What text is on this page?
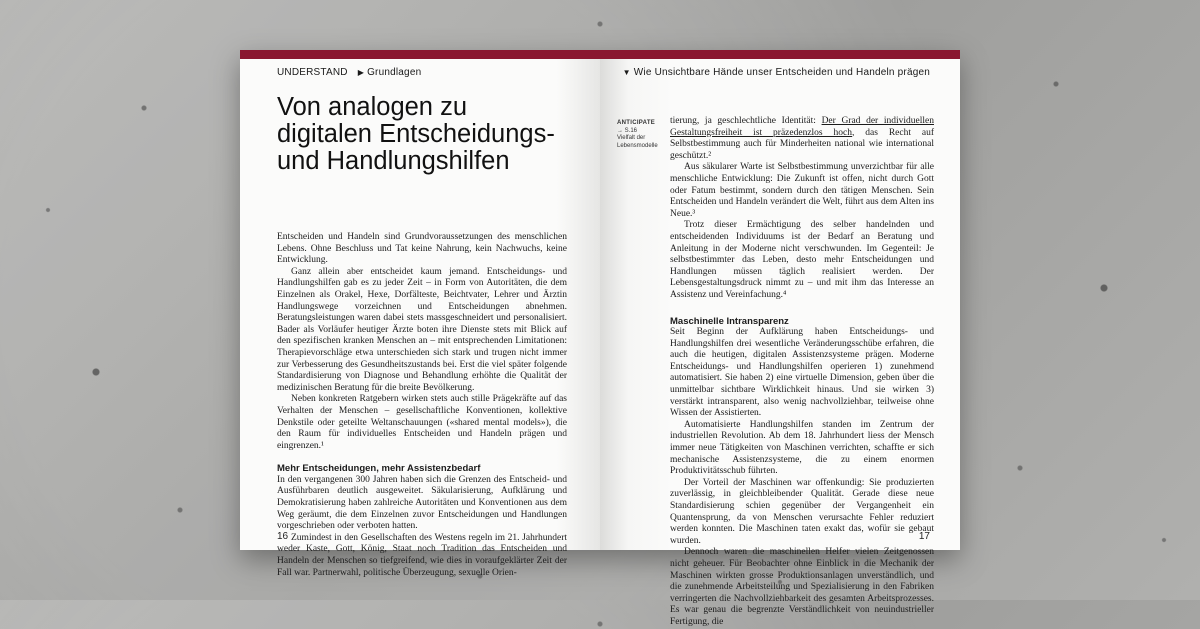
UNDERSTAND ▶ Grundlagen
Von analogen zu
digitalen Entscheidungs-
und Handlungshilfen

Entscheiden und Handeln sind Grundvoraussetzungen des menschlichen Lebens. Ohne Beschluss und Tat keine Nahrung, kein Nachwuchs, keine Entwicklung.

Ganz allein aber entscheidet kaum jemand. Entscheidungs- und Handlungshilfen gab es zu jeder Zeit – in Form von Autoritäten, die dem Einzelnen als Orakel, Hexe, Dorfälteste, Beichtvater, Lehrer und Ärztin Handlungswege vorzeichnen und Entscheidungen abnehmen. Beratungsleistungen waren dabei stets massgeschneidert und personalisiert. Bader als Vorläufer heutiger Ärzte boten ihre Dienste stets mit Blick auf den spezifischen kranken Menschen an – mit entsprechenden Limitationen: Therapievorschläge etwa unterschieden sich stark und trugen nicht immer zur Verbesserung des Gesundheitszustands bei. Erst die viel später folgende Standardisierung von Diagnose und Behandlung erhöhte die Qualität der medizinischen Beratung für die breite Bevölkerung.

Neben konkreten Ratgebern wirken stets auch stille Prägekräfte auf das Verhalten der Menschen – gesellschaftliche Konventionen, kollektive Denkstile oder geteilte Weltanschauungen («shared mental models»), die den Raum für individuelles Entscheiden und Handeln prägen und eingrenzen.¹

Mehr Entscheidungen, mehr Assistenzbedarf

In den vergangenen 300 Jahren haben sich die Grenzen des Entscheid- und Ausführbaren deutlich ausgeweitet. Säkularisierung, Aufklärung und Demokratisierung haben zahlreiche Autoritäten und Konventionen aus dem Weg geräumt, die dem Einzelnen zuvor Entscheidungen und Handlungen vorgeschrieben oder verboten hatten.

Zumindest in den Gesellschaften des Westens regeln im 21. Jahrhundert weder Kaste, Gott, König, Staat noch Tradition das Entscheiden und Handeln der Menschen so tiefgreifend, wie dies in voraufgeklärter Zeit der Fall war. Partnerwahl, politische Überzeugung, sexuelle Orien-

16
▼ Wie Unsichtbare Hände unser Entscheiden und Handeln prägen
ANTICIPATE
→ S.16
Vielfalt der
Lebensmodelle

tierung, ja geschlechtliche Identität: Der Grad der individuellen Gestaltungsfreiheit ist präzedenzlos hoch, das Recht auf Selbstbestimmung auch für Minderheiten national wie international geschützt.²

Aus säkularer Warte ist Selbstbestimmung unverzichtbar für alle menschliche Entwicklung: Die Zukunft ist offen, nicht durch Gott oder Fatum bestimmt, sondern durch den tätigen Menschen. Sein Entscheiden und Handeln verändert die Welt, führt aus dem Alten ins Neue.³

Trotz dieser Ermächtigung des selber handelnden und entscheidenden Individuums ist der Bedarf an Beratung und Anleitung in der Moderne nicht verschwunden. Im Gegenteil: Je selbstbestimmter das Leben, desto mehr Entscheidungen und Handlungen müssen täglich realisiert werden. Der Lebensgestaltungsdruck nimmt zu – und mit ihm das Interesse an Assistenz und Vereinfachung.⁴

Maschinelle Intransparenz

Seit Beginn der Aufklärung haben Entscheidungs- und Handlungshilfen drei wesentliche Veränderungsschübe erfahren, die auch die heutigen, digitalen Assistenzsysteme prägen. Moderne Entscheidungs- und Handlungshilfen operieren 1) zunehmend automatisiert. Sie haben 2) eine virtuelle Dimension, geben über die unmittelbar sichtbare Wirklichkeit hinaus. Und sie wirken 3) verstärkt intransparent, also wenig nachvollziehbar, teilweise ohne Wissen der Assistierten.

Automatisierte Handlungshilfen standen im Zentrum der industriellen Revolution. Ab dem 18. Jahrhundert liess der Mensch immer neue Tätigkeiten von Maschinen verrichten, schaffte er sich mechanische Assistenzsysteme, die zu einem enormen Produktivitätsschub führten.

Der Vorteil der Maschinen war offenkundig: Sie produzierten zuverlässig, in gleichbleibender Qualität. Gerade diese neue Standardisierung schien gegenüber der Vergangenheit ein Quantensprung, da von Menschen verursachte Fehler reduziert werden konnten. Die Maschinen taten exakt das, wofür sie gebaut wurden.

Dennoch waren die maschinellen Helfer vielen Zeitgenossen nicht geheuer. Für Beobachter ohne Einblick in die Mechanik der Maschinen wirkten grosse Produktionsanlagen unverständlich, und die zunehmende Arbeitsteilung und Spezialisierung in den Fabriken verringerten die Nachvollziehbarkeit des gesamten Arbeitsprozesses. Es war genau die begrenzte Verständlichkeit von neuindustrieller Fertigung, die

17
